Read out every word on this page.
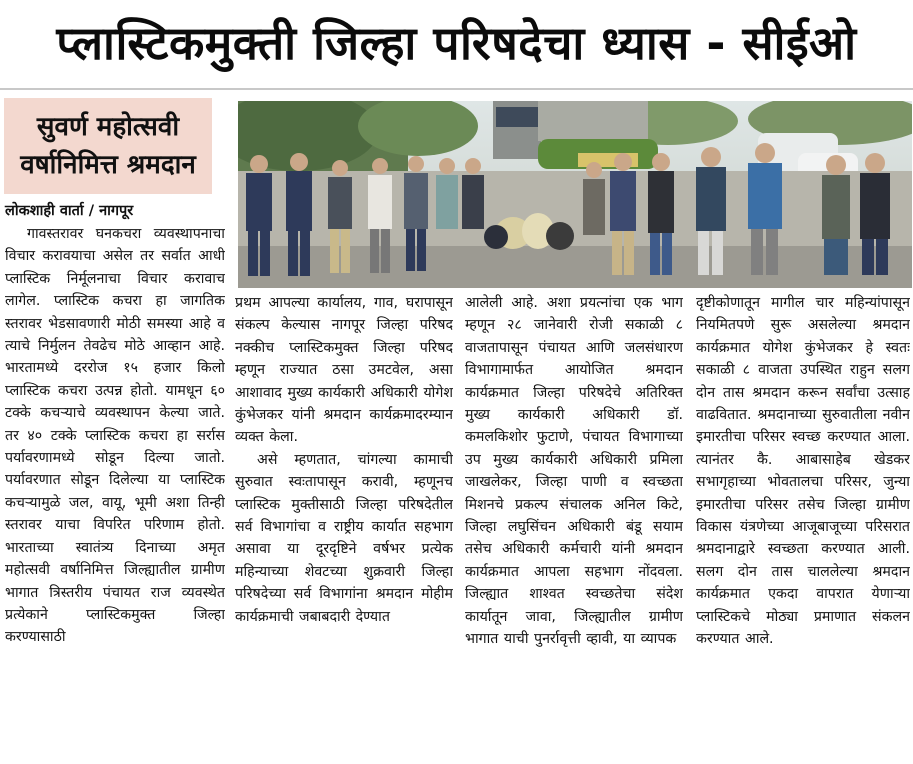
प्लास्टिकमुक्ती जिल्हा परिषदेचा ध्यास - सीईओ
सुवर्ण महोत्सवी
वर्षानिमित्त श्रमदान
लोकशाही वार्ता / नागपूर

गावस्तरावर घनकचरा व्यवस्थापनाचा विचार करावयाचा असेल तर सर्वात आधी प्लास्टिक निर्मूलनाचा विचार करावाच लागेल. प्लास्टिक कचरा हा जागतिक स्तरावर भेडसावणारी मोठी समस्या आहे व त्याचे निर्मुलन तेवढेच मोठे आव्हान आहे. भारतामध्ये दररोज १५ हजार किलो प्लास्टिक कचरा उत्पन्न होतो. यामधून ६० टक्के कचऱ्याचे व्यवस्थापन केल्या जाते. तर ४० टक्के प्लास्टिक कचरा हा सर्रास पर्यावरणामध्ये सोडून दिल्या जातो. पर्यावरणात सोडून दिलेल्या या प्लास्टिक कचऱ्यामुळे जल, वायू, भूमी अशा तिन्ही स्तरावर याचा विपरित परिणाम होतो. भारताच्या स्वातंत्र्य दिनाच्या अमृत महोत्सवी वर्षानिमित्त जिल्ह्यातील ग्रामीण भागात त्रिस्तरीय पंचायत राज व्यवस्थेत प्रत्येकाने प्लास्टिकमुक्त जिल्हा करण्यासाठी

प्रथम आपल्या कार्यालय, गाव, घरापासून संकल्प केल्यास नागपूर जिल्हा परिषद नक्कीच प्लास्टिकमुक्त जिल्हा परिषद म्हणून राज्यात ठसा उमटवेल, असा आशावाद मुख्य कार्यकारी अधिकारी योगेश कुंभेजकर यांनी श्रमदान कार्यक्रमादरम्यान व्यक्त केला.

असे म्हणतात, चांगल्या कामाची सुरुवात स्वःतापासून करावी, म्हणूनच प्लास्टिक मुक्तीसाठी जिल्हा परिषदेतील सर्व विभागांचा व राष्ट्रीय कार्यात सहभाग असावा या दूरदृष्टिने वर्षभर प्रत्येक महिन्याच्या शेवटच्या शुक्रवारी जिल्हा परिषदेच्या सर्व विभागांना श्रमदान मोहीम कार्यक्रमाची जबाबदारी देण्यात

आलेली आहे. अशा प्रयत्नांचा एक भाग म्हणून २८ जानेवारी रोजी सकाळी ८ वाजतापासून पंचायत आणि जलसंधारण विभागामार्फत आयोजित श्रमदान कार्यक्रमात जिल्हा परिषदेचे अतिरिक्त मुख्य कार्यकारी अधिकारी डॉ. कमलकिशोर फुटाणे, पंचायत विभागाच्या उप मुख्य कार्यकारी अधिकारी प्रमिला जाखलेकर, जिल्हा पाणी व स्वच्छता मिशनचे प्रकल्प संचालक अनिल किटे, जिल्हा लघुसिंचन अधिकारी बंडू सयाम तसेच अधिकारी कर्मचारी यांनी श्रमदान कार्यक्रमात आपला सहभाग नोंदवला. जिल्ह्यात शाश्वत स्वच्छतेचा संदेश कार्यातून जावा, जिल्ह्यातील ग्रामीण भागात याची पुनर्रावृत्ती व्हावी, या व्यापक

दृष्टीकोणातून मागील चार महिन्यांपासून नियमितपणे सुरू असलेल्या श्रमदान कार्यक्रमात योगेश कुंभेजकर हे स्वतः सकाळी ८ वाजता उपस्थित राहुन सलग दोन तास श्रमदान करून सर्वांचा उत्साह वाढवितात. श्रमदानाच्या सुरुवातीला नवीन इमारतीचा परिसर स्वच्छ करण्यात आला. त्यानंतर कै. आबासाहेब खेडकर सभागृहाच्या भोवतालचा परिसर, जुन्या इमारतीचा परिसर तसेच जिल्हा ग्रामीण विकास यंत्रणेच्या आजूबाजूच्या परिसरात श्रमदानाद्वारे स्वच्छता करण्यात आली. सलग दोन तास चाललेल्या श्रमदान कार्यक्रमात एकदा वापरात येणाऱ्या प्लास्टिकचे मोठ्या प्रमाणात संकलन करण्यात आले.
